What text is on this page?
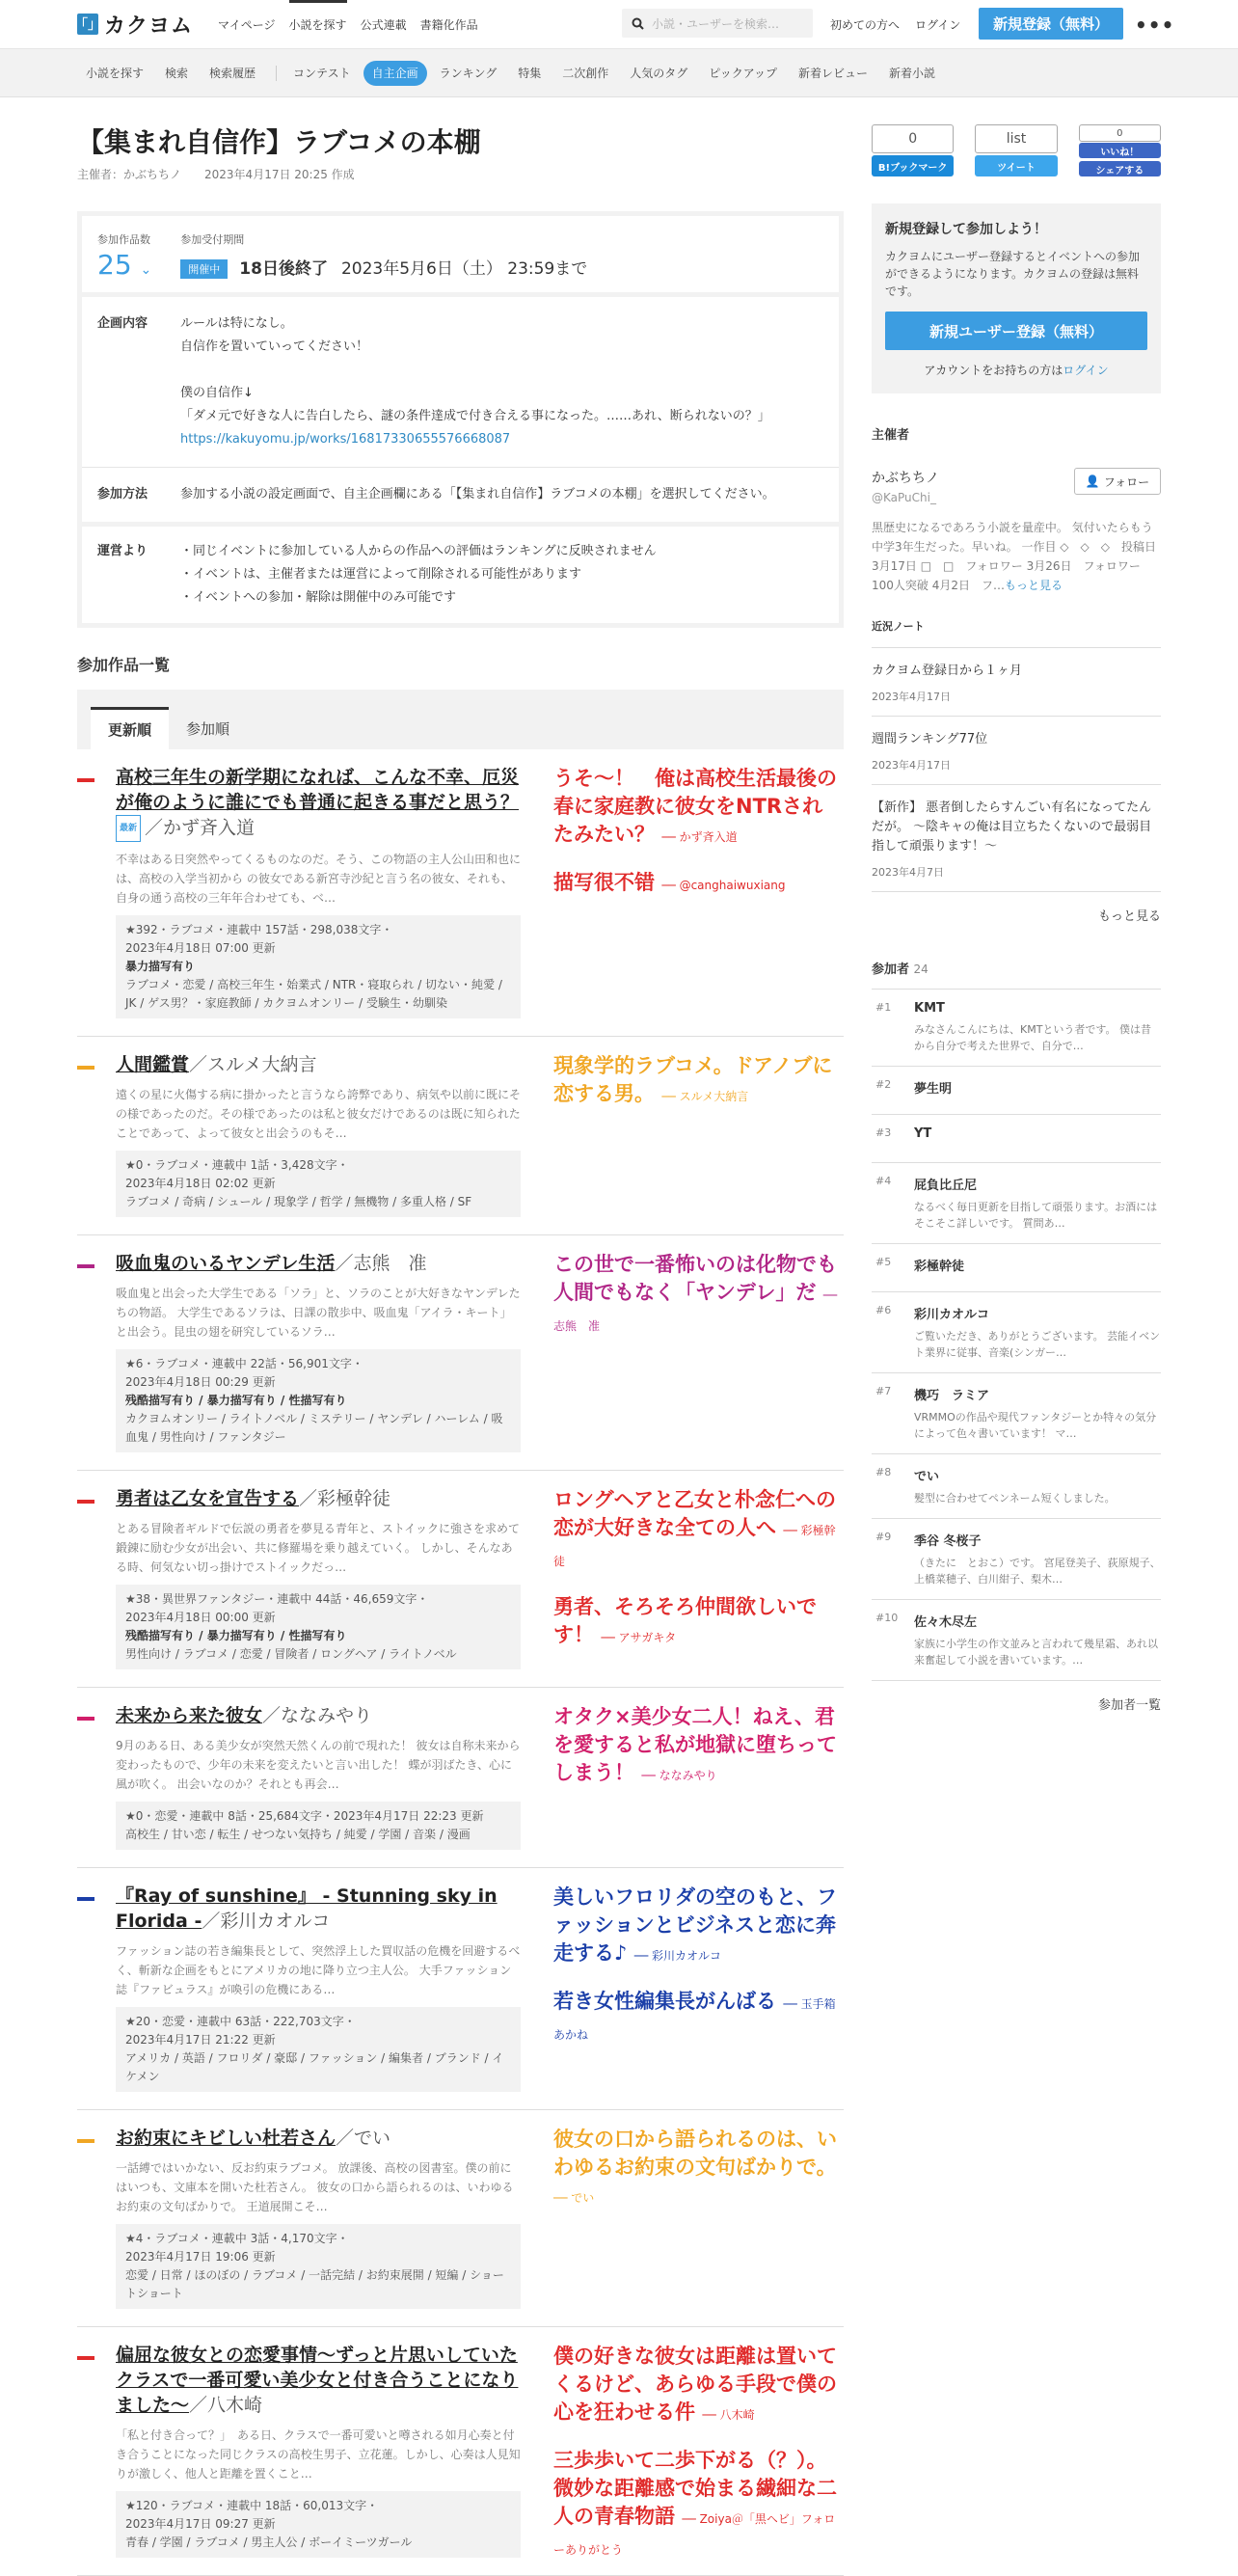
「」 カクヨム マイページ 小説を探す 公式連載 書籍化作品	小説・ユーザーを検索…	初めての方へ ログイン	新規登録（無料）	•••
小説を探す	検索	検索履歴	コンテスト	自主企画	ランキング	特集	二次創作	人気のタグ	ピックアップ	新着レビュー	新着小説
【集まれ自信作】ラブコメの本棚
主催者：かぶちちノ 2023年4月17日 20:25 作成
参加作品数
25 ⌄
参加受付期間
開催中 18日後終了 2023年5月6日（土） 23:59まで
企画内容	ルールは特になし。
自信作を置いていってください！
僕の自信作↓
「ダメ元で好きな人に告白したら、謎の条件達成で付き合える事になった。……あれ、断られないの？」
https://kakuyomu.jp/works/16817330655576668087
参加方法	参加する小説の設定画面で、自主企画欄にある「【集まれ自信作】ラブコメの本棚」を選択してください。
運営より	・同じイベントに参加している人からの作品への評価はランキングに反映されません
・イベントは、主催者または運営によって削除される可能性があります
・イベントへの参加・解除は開催中のみ可能です
参加作品一覧
更新順	参加順
高校三年生の新学期になれば、こんな不幸、厄災が俺のように誰にでも普通に起きる事だと思う？最新 ／かず斉入道
不幸はある日突然やってくるものなのだ。そう、この物語の主人公山田和也には、高校の入学当初から の彼女である新宮寺沙紀と言う名の彼女、それも、自身の通う高校の三年年合わせても、ベ…
★392・ラブコメ・連載中 157話・298,038文字・
2023年4月18日 07:00 更新
暴力描写有り
ラブコメ・恋愛 / 高校三年生・始業式 / NTR・寝取られ / 切ない・純愛 / JK / ゲス男？・家庭教師 / カクヨムオンリー / 受験生・幼馴染
うそ～！　俺は高校生活最後の春に家庭教に彼女をNTRされたみたい？ ── かず斉入道
描写很不错 ── @canghaiwuxiang
人間鑑賞／スルメ大納言
遠くの星に火傷する病に掛かったと言うなら誇弊であり、病気や以前に既にその様であったのだ。その様であったのは私と彼女だけであるのは既に知られたことであって、よって彼女と出会うのもそ…
★0・ラブコメ・連載中 1話・3,428文字・
2023年4月18日 02:02 更新
ラブコメ / 奇病 / シュール / 現象学 / 哲学 / 無機物 / 多重人格 / SF
現象学的ラブコメ。ドアノブに恋する男。 ── スルメ大納言
吸血鬼のいるヤンデレ生活／志熊　准
吸血鬼と出会った大学生である「ソラ」と、ソラのことが大好きなヤンデレたちの物語。 大学生であるソラは、日課の散歩中、吸血鬼「アイラ・キート」と出会う。昆虫の翅を研究しているソラ…
★6・ラブコメ・連載中 22話・56,901文字・
2023年4月18日 00:29 更新
残酷描写有り / 暴力描写有り / 性描写有り
カクヨムオンリー / ライトノベル / ミステリー / ヤンデレ / ハーレム / 吸血鬼 / 男性向け / ファンタジー
この世で一番怖いのは化物でも人間でもなく「ヤンデレ」だ ── 志熊　准
勇者は乙女を宣告する／彩極幹徒
とある冒険者ギルドで伝説の勇者を夢見る青年と、ストイックに強さを求めて鍛錬に励む少女が出会い、共に修羅場を乗り越えていく。 しかし、そんなある時、何気ない切っ掛けでストイックだっ…
★38・異世界ファンタジー・連載中 44話・46,659文字・
2023年4月18日 00:00 更新
残酷描写有り / 暴力描写有り / 性描写有り
男性向け / ラブコメ / 恋愛 / 冒険者 / ロングヘア / ライトノベル
ロングヘアと乙女と朴念仁への恋が大好きな全ての人へ ── 彩極幹徒
勇者、そろそろ仲間欲しいです！ ── アサガキタ
未来から来た彼女／ななみやり
9月のある日、ある美少女が突然天然くんの前で現れた！ 彼女は自称未来から変わったもので、少年の未来を変えたいと言い出した！ 蝶が羽ばたき、心に風が吹く。 出会いなのか？それとも再会…
★0・恋愛・連載中 8話・25,684文字・2023年4月17日 22:23 更新
高校生 / 甘い恋 / 転生 / せつない気持ち / 純愛 / 学園 / 音楽 / 漫画
オタク×美少女二人！ねえ、君を愛すると私が地獄に堕ちってしまう！ ── ななみやり
『Ray of sunshine』 - Stunning sky in Florida -／彩川カオルコ
ファッション誌の若き編集長として、突然浮上した買収話の危機を回避するべく、斬新な企画をもとにアメリカの地に降り立つ主人公。 大手ファッション誌『ファビュラス』が喚引の危機にある…
★20・恋愛・連載中 63話・222,703文字・
2023年4月17日 21:22 更新
アメリカ / 英語 / フロリダ / 豪邸 / ファッション / 編集者 / ブランド / イケメン
美しいフロリダの空のもと、ファッションとビジネスと恋に奔走する♪ ── 彩川カオルコ
若き女性編集長がんばる ── 玉手箱あかね
お約束にキビしい杜若さん／でい
一話縛ではいかない、反お約束ラブコメ。 放課後、高校の図書室。僕の前にはいつも、文庫本を開いた杜若さん。 彼女の口から語られるのは、いわゆるお約束の文句ばかりで。 王道展開こそ…
★4・ラブコメ・連載中 3話・4,170文字・
2023年4月17日 19:06 更新
恋愛 / 日常 / ほのぼの / ラブコメ / 一話完結 / お約束展開 / 短編 / ショートショート
彼女の口から語られるのは、いわゆるお約束の文句ばかりで。 ── でい
偏屈な彼女との恋愛事情～ずっと片思いしていたクラスで一番可愛い美少女と付き合うことになりました～／八木崎
「私と付き合って？」　ある日、クラスで一番可愛いと噂される如月心奏と付き合うことになった同じクラスの高校生男子、立花蓮。しかし、心奏は人見知りが激しく、他人と距離を置くこと…
★120・ラブコメ・連載中 18話・60,013文字・
2023年4月17日 09:27 更新
青春 / 学園 / ラブコメ / 男主人公 / ボーイミーツガール
僕の好きな彼女は距離は置いてくるけど、あらゆる手段で僕の心を狂わせる件 ── 八木崎
三歩歩いて二歩下がる（？）。微妙な距離感で始まる繊細な二人の青春物語 ── Zoiya＠「黒ヘビ」フォローありがとう
0
B!ブックマーク
list
ツイート
0
いいね！
シェアする
新規登録して参加しよう！

カクヨムにユーザー登録するとイベントへの参加ができるようになります。カクヨムの登録は無料です。

新規ユーザー登録（無料）
アカウントをお持ちの方はログイン
主催者
かぶちちノ
@KaPuChi_
👤 フォロー
黒歴史になるであろう小説を量産中。 気付いたらもう中学3年生だった。早いね。 一作目 ◇　◇　◇　投稿日 3月17日 □　□　フォロワー 3月26日　フォロワー100人突破 4月2日　フ…もっと見る
近況ノート
カクヨム登録日から１ヶ月
2023年4月17日
週間ランキング77位
2023年4月17日
【新作】 悪者倒したらすんごい有名になってたんだが。 ～陰キャの俺は目立ちたくないので最弱目指して頑張ります！～
2023年4月7日
もっと見る
参加者 24
#1	KMT
みなさんこんにちは、KMTという者です。 僕は昔から自分で考えた世界で、自分で…
#2	夢生明
#3	YT
#4	屁負比丘尼
なるべく毎日更新を目指して頑張ります。お酒にはそこそこ詳しいです。 質問あ…
#5	彩極幹徒
#6	彩川カオルコ
ご覧いただき、ありがとうございます。 芸能イベント業界に従事、音楽(シンガー…
#7	機巧　ラミア
VRMMOの作品や現代ファンタジーとか特々の気分によって色々書いています！ マ…
#8	でい
髪型に合わせてペンネーム短くしました。
#9	季谷 冬桜子
（きたに　とおこ）です。 宮尾登美子、荻原規子、上橋菜穂子、白川紺子、梨木…
#10	佐々木尽左
家族に小学生の作文並みと言われて幾星霜、あれ以来奮起して小説を書いています。…
参加者一覧
